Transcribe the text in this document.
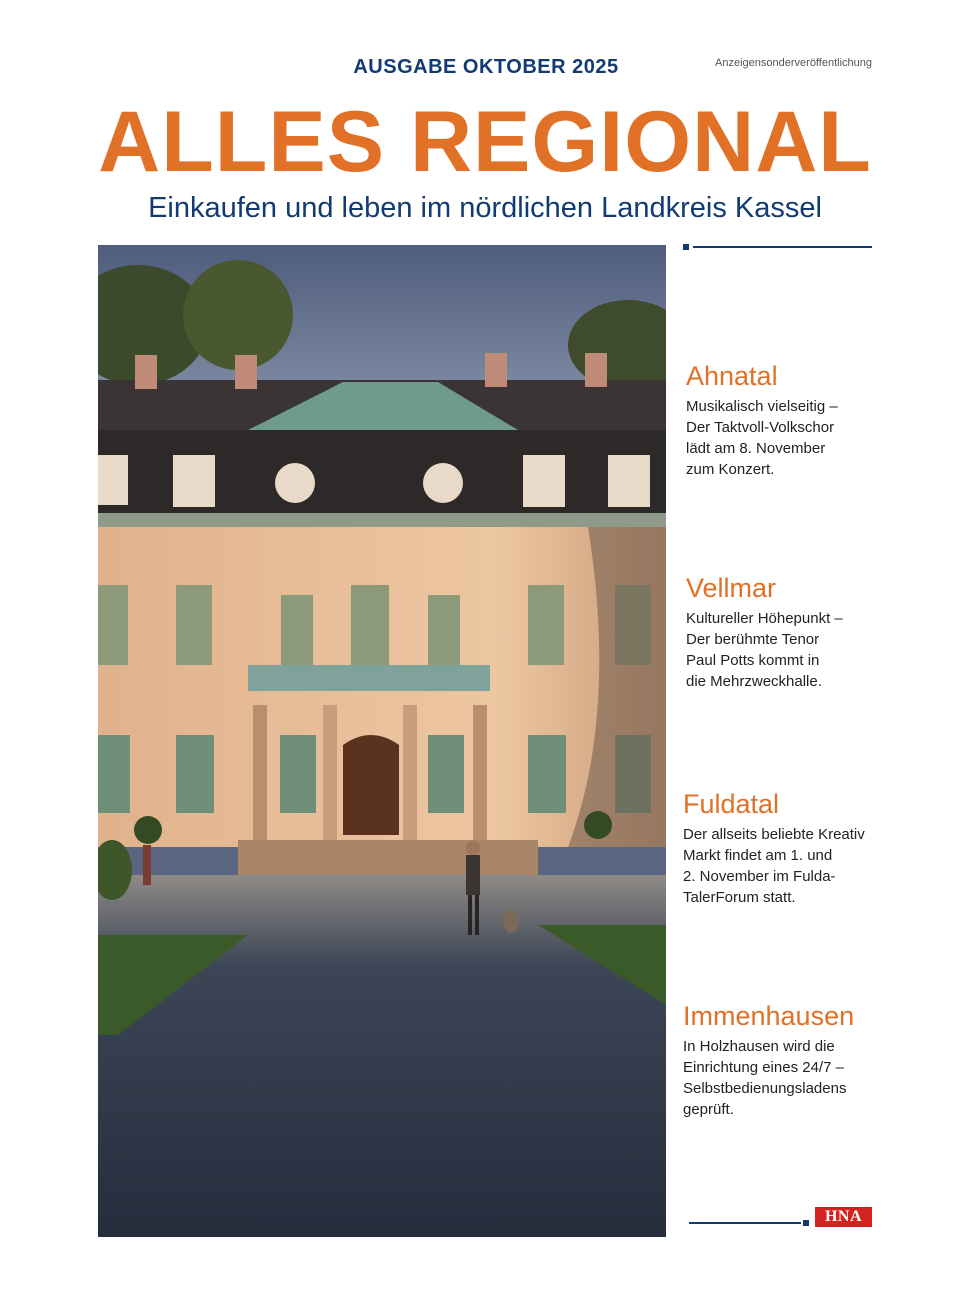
AUSGABE OKTOBER 2025	Anzeigensonderveröffentlichung
ALLES REGIONAL
Einkaufen und leben im nördlichen Landkreis Kassel

Ahnatal

Musikalisch vielseitig –
Der Taktvoll-Volkschor
lädt am 8. November
zum Konzert.

Vellmar

Kultureller Höhepunkt –
Der berühmte Tenor
Paul Potts kommt in
die Mehrzweckhalle.

Fuldatal

Der allseits beliebte Kreativ
Markt findet am 1. und
2. November im Fulda-
TalerForum statt.

Immenhausen

In Holzhausen wird die
Einrichtung eines 24/7 –
Selbstbedienungsladens
geprüft.

HNA
